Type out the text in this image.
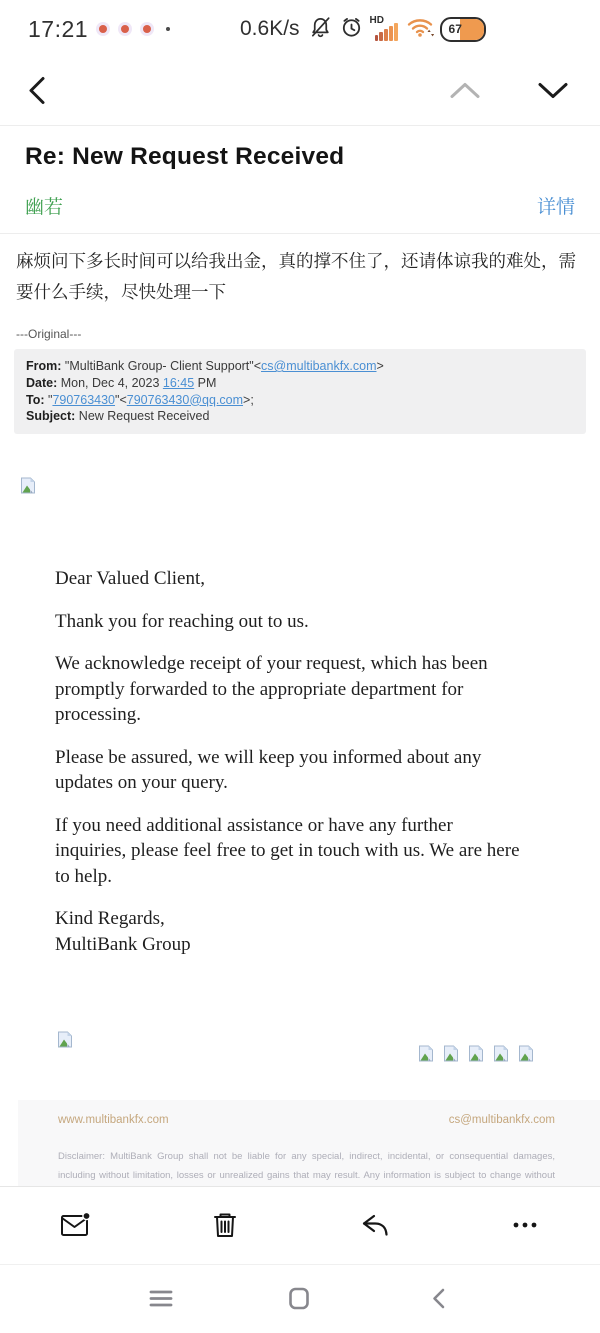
17:21	0.6K/s	HD
67
Re: New Request Received
幽若	详情
麻烦问下多长时间可以给我出金，真的撑不住了，还请体谅我的难处，需要什么手续，尽快处理一下
---Original---
From: "MultiBank Group- Client Support"<cs@multibankfx.com>
Date: Mon, Dec 4, 2023 16:45 PM
To: "790763430"<790763430@qq.com>;
Subject: New Request Received

Dear Valued Client,

Thank you for reaching out to us.

We acknowledge receipt of your request, which has been promptly forwarded to the appropriate department for processing.

Please be assured, we will keep you informed about any updates on your query.

If you need additional assistance or have any further inquiries, please feel free to get in touch with us. We are here to help.

Kind Regards,

MultiBank Group

www.multibankfx.com	cs@multibankfx.com
Disclaimer: MultiBank Group shall not be liable for any special, indirect, incidental, or consequential damages, including without limitation, losses or unrealized gains that may result. Any information is subject to change without
